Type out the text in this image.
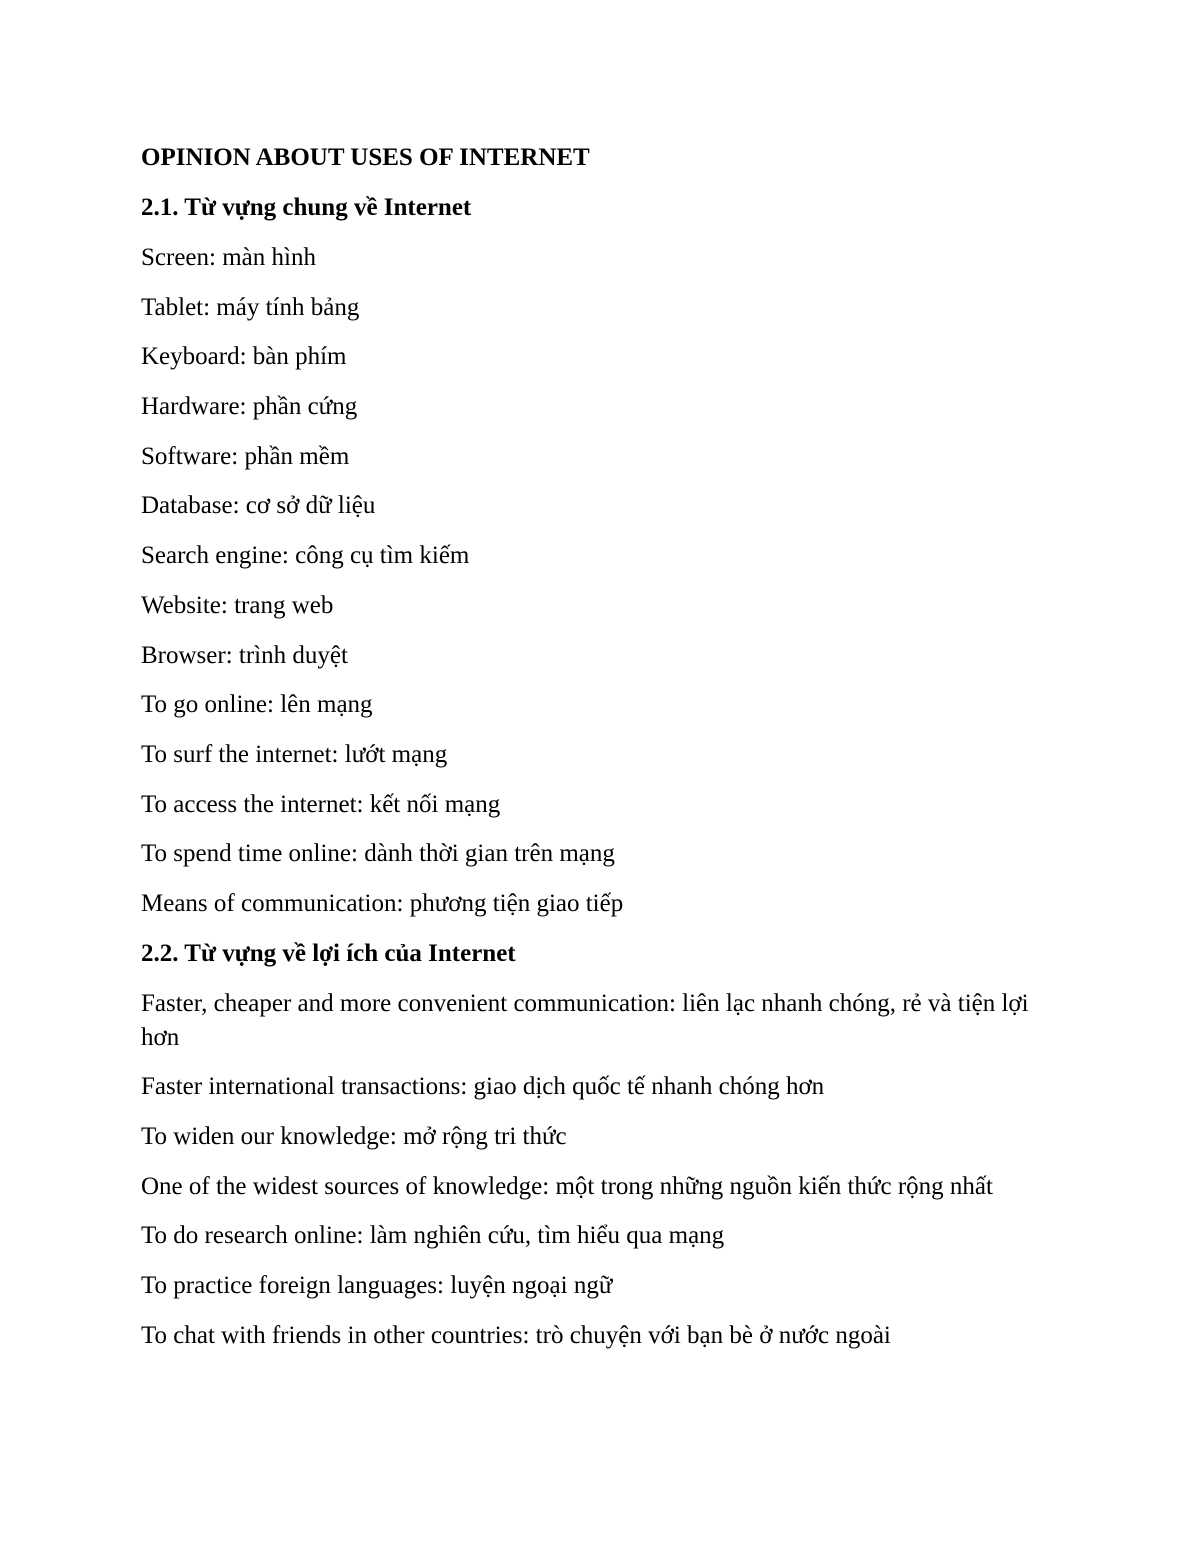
OPINION ABOUT USES OF INTERNET
2.1. Từ vựng chung về Internet
Screen: màn hình
Tablet: máy tính bảng
Keyboard: bàn phím
Hardware: phần cứng
Software: phần mềm
Database: cơ sở dữ liệu
Search engine: công cụ tìm kiếm
Website: trang web
Browser: trình duyệt
To go online: lên mạng
To surf the internet: lướt mạng
To access the internet: kết nối mạng
To spend time online: dành thời gian trên mạng
Means of communication: phương tiện giao tiếp
2.2. Từ vựng về lợi ích của Internet
Faster, cheaper and more convenient communication: liên lạc nhanh chóng, rẻ và tiện lợi hơn
Faster international transactions: giao dịch quốc tế nhanh chóng hơn
To widen our knowledge: mở rộng tri thức
One of the widest sources of knowledge: một trong những nguồn kiến thức rộng nhất
To do research online: làm nghiên cứu, tìm hiểu qua mạng
To practice foreign languages: luyện ngoại ngữ
To chat with friends in other countries: trò chuyện với bạn bè ở nước ngoài
